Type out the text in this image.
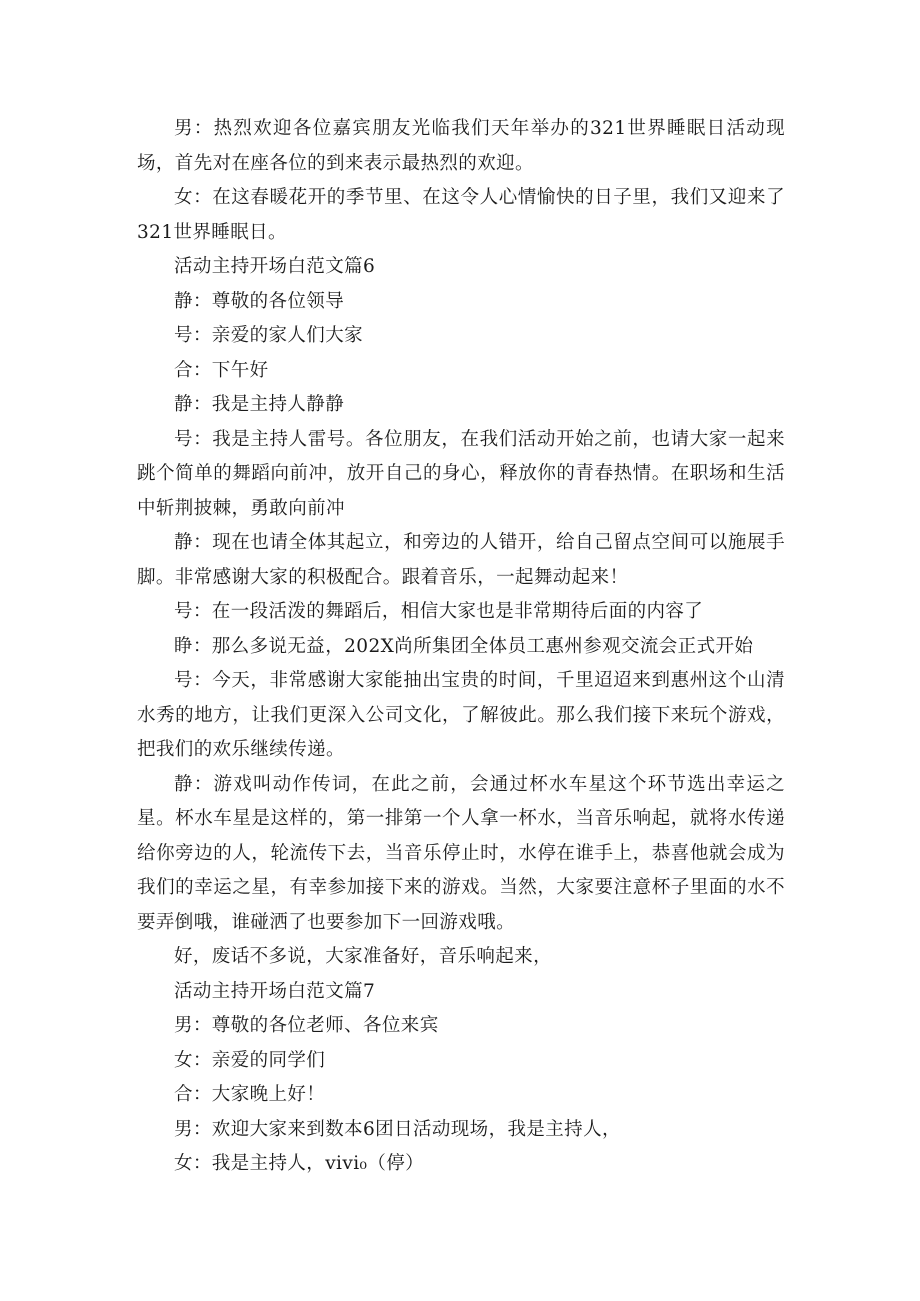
男：热烈欢迎各位嘉宾朋友光临我们天年举办的321世界睡眠日活动现场，首先对在座各位的到来表示最热烈的欢迎。

女：在这春暖花开的季节里、在这令人心情愉快的日子里，我们又迎来了321世界睡眠日。

活动主持开场白范文篇6

静：尊敬的各位领导

号：亲爱的家人们大家

合：下午好

静：我是主持人静静

号：我是主持人雷号。各位朋友，在我们活动开始之前，也请大家一起来跳个简单的舞蹈向前冲，放开自己的身心，释放你的青春热情。在职场和生活中斩荆披棘，勇敢向前冲

静：现在也请全体其起立，和旁边的人错开，给自己留点空间可以施展手脚。非常感谢大家的积极配合。跟着音乐，一起舞动起来！

号：在一段活泼的舞蹈后，相信大家也是非常期待后面的内容了

睁：那么多说无益，202X尚所集团全体员工惠州参观交流会正式开始

号：今天，非常感谢大家能抽出宝贵的时间，千里迢迢来到惠州这个山清水秀的地方，让我们更深入公司文化，了解彼此。那么我们接下来玩个游戏，把我们的欢乐继续传递。

静：游戏叫动作传词，在此之前，会通过杯水车星这个环节选出幸运之星。杯水车星是这样的，第一排第一个人拿一杯水，当音乐响起，就将水传递给你旁边的人，轮流传下去，当音乐停止时，水停在谁手上，恭喜他就会成为我们的幸运之星，有幸参加接下来的游戏。当然，大家要注意杯子里面的水不要弄倒哦，谁碰洒了也要参加下一回游戏哦。

好，废话不多说，大家准备好，音乐响起来，

活动主持开场白范文篇7

男：尊敬的各位老师、各位来宾

女：亲爱的同学们

合：大家晚上好！

男：欢迎大家来到数本6团日活动现场，我是主持人，

女：我是主持人，vivi₀（停）
